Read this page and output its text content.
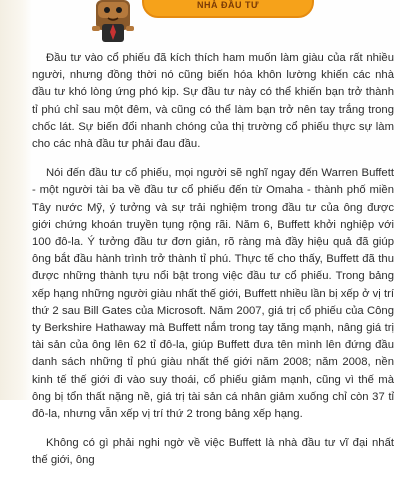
NHÀ ĐẦU TƯ

Đầu tư vào cổ phiếu đã kích thích ham muốn làm giàu của rất nhiều người, nhưng đồng thời nó cũng biến hóa khôn lường khiến các nhà đầu tư khó lòng ứng phó kịp. Sự đầu tư này có thể khiến bạn trở thành tỉ phú chỉ sau một đêm, và cũng có thể làm bạn trở nên tay trắng trong chốc lát. Sự biến đổi nhanh chóng của thị trường cổ phiếu thực sự làm cho các nhà đầu tư phải đau đầu.

Nói đến đầu tư cổ phiếu, mọi người sẽ nghĩ ngay đến Warren Buffett - một người tài ba về đầu tư cổ phiếu đến từ Omaha - thành phố miền Tây nước Mỹ, ý tưởng và sự trải nghiệm trong đầu tư của ông được giới chứng khoán truyền tụng rộng rãi. Năm 6, Buffett khởi nghiệp với 100 đô-la. Ý tưởng đầu tư đơn giản, rõ ràng mà đầy hiệu quả đã giúp ông bắt đầu hành trình trở thành tỉ phú. Thực tế cho thấy, Buffett đã thu được những thành tựu nổi bật trong việc đầu tư cổ phiếu. Trong bảng xếp hạng những người giàu nhất thế giới, Buffett nhiều lần bị xếp ở vị trí thứ 2 sau Bill Gates của Microsoft. Năm 2007, giá trị cổ phiếu của Công ty Berkshire Hathaway mà Buffett nắm trong tay tăng mạnh, nâng giá trị tài sản của ông lên 62 tỉ đô-la, giúp Buffett đưa tên mình lên đứng đầu danh sách những tỉ phú giàu nhất thế giới năm 2008; năm 2008, nền kinh tế thế giới đi vào suy thoái, cổ phiếu giảm mạnh, cũng vì thế mà ông bị tổn thất nặng nề, giá trị tài sản cá nhân giảm xuống chỉ còn 37 tỉ đô-la, nhưng vẫn xếp vị trí thứ 2 trong bảng xếp hạng.

Không có gì phải nghi ngờ về việc Buffett là nhà đầu tư vĩ đại nhất thế giới, ông
